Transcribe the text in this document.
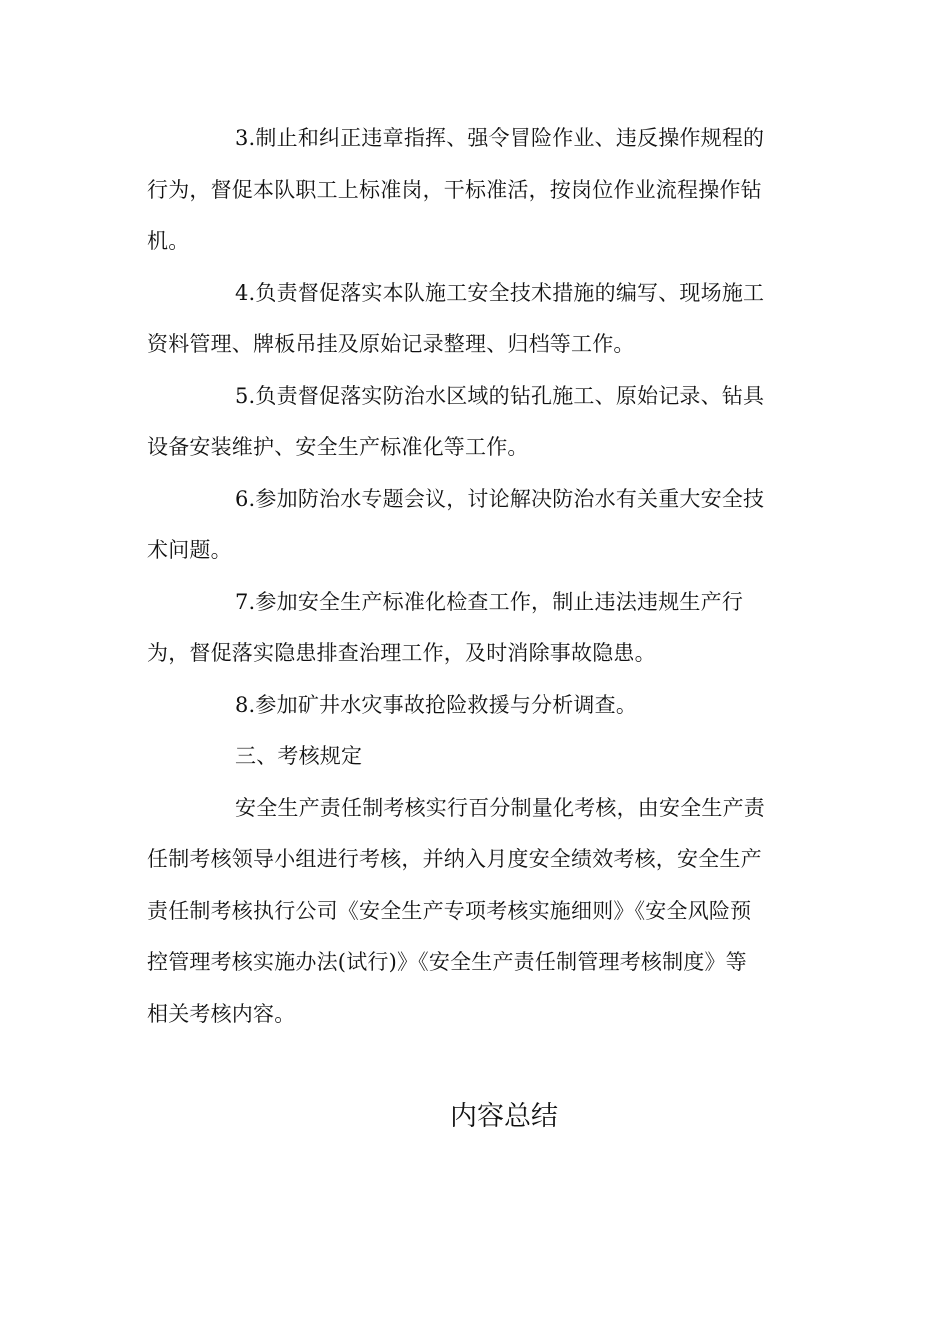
3.制止和纠正违章指挥、强令冒险作业、违反操作规程的
行为，督促本队职工上标准岗，干标准活，按岗位作业流程操作钻
机。

4.负责督促落实本队施工安全技术措施的编写、现场施工
资料管理、牌板吊挂及原始记录整理、归档等工作。

5.负责督促落实防治水区域的钻孔施工、原始记录、钻具
设备安装维护、安全生产标准化等工作。

6.参加防治水专题会议，讨论解决防治水有关重大安全技
术问题。

7.参加安全生产标准化检查工作，制止违法违规生产行
为，督促落实隐患排查治理工作，及时消除事故隐患。

8.参加矿井水灾事故抢险救援与分析调查。

三、考核规定

安全生产责任制考核实行百分制量化考核，由安全生产责
任制考核领导小组进行考核，并纳入月度安全绩效考核，安全生产
责任制考核执行公司《安全生产专项考核实施细则》《安全风险预
控管理考核实施办法(试行)》《安全生产责任制管理考核制度》等
相关考核内容。

内容总结
